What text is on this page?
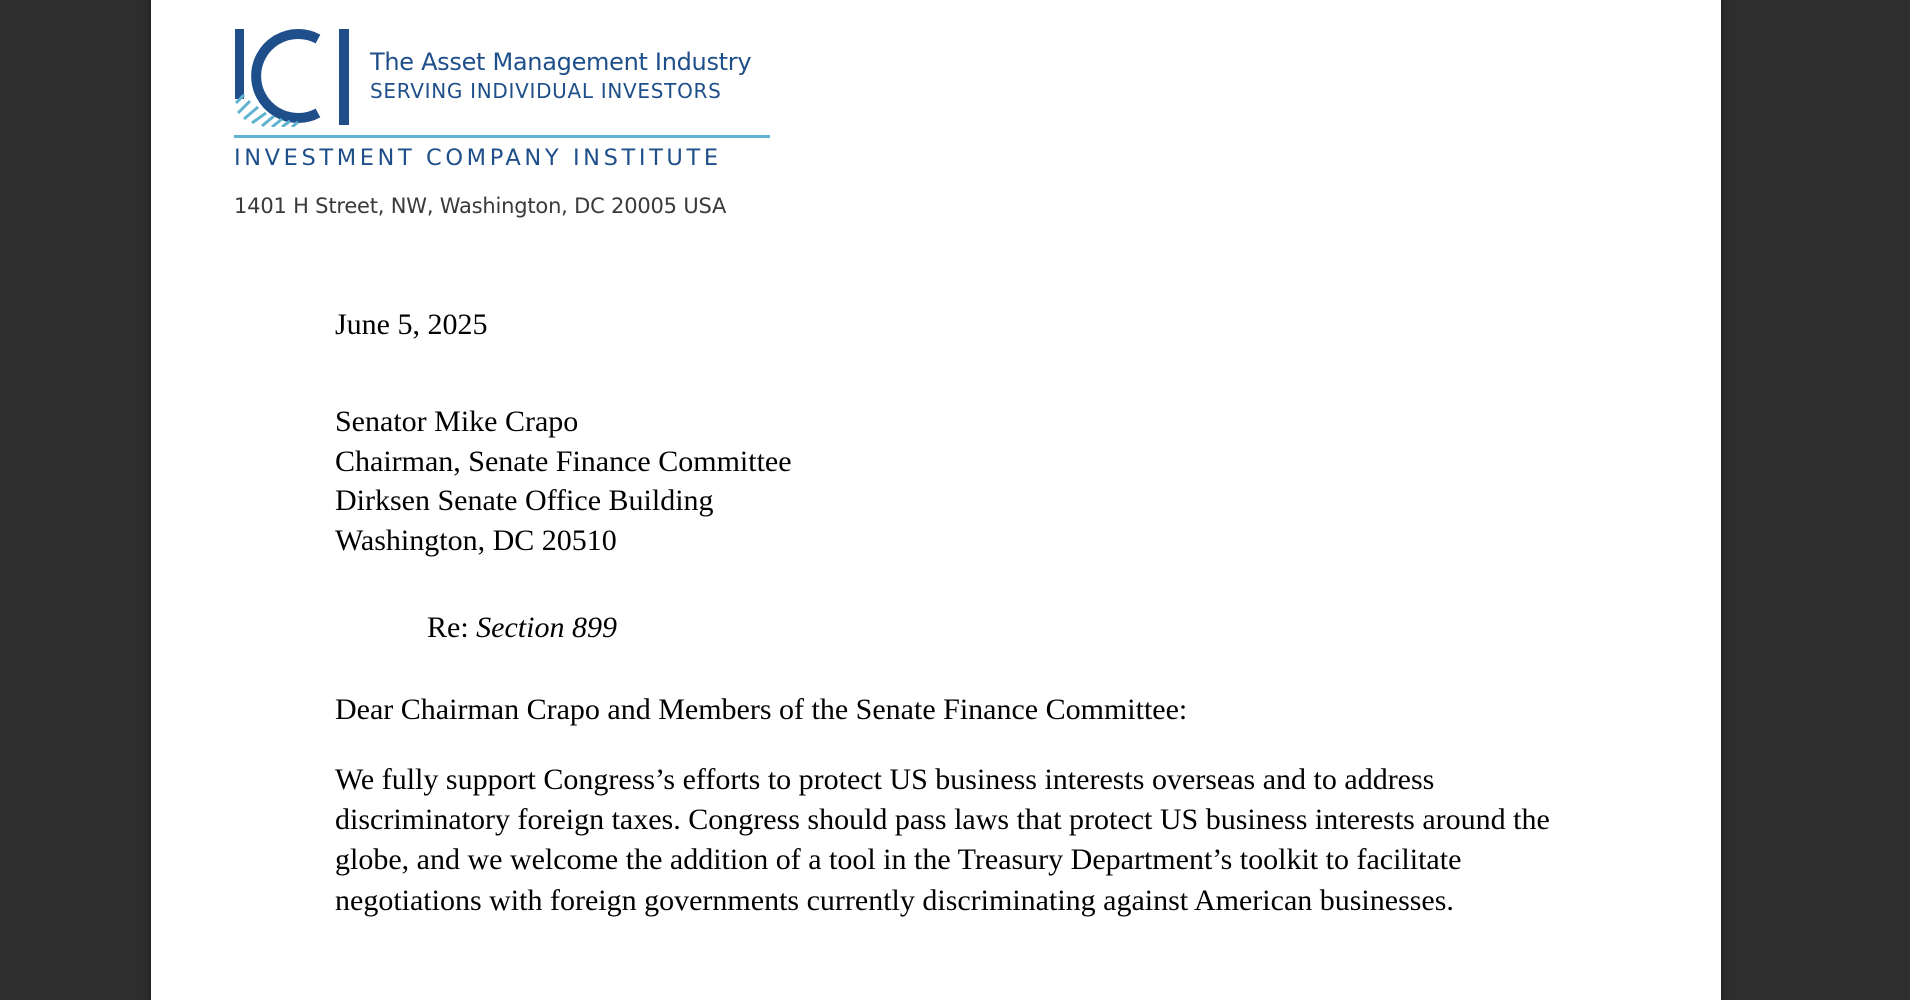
The Asset Management Industry
SERVING INDIVIDUAL INVESTORS
INVESTMENT COMPANY INSTITUTE
1401 H Street, NW, Washington, DC 20005 USA
June 5, 2025
Senator Mike Crapo
Chairman, Senate Finance Committee
Dirksen Senate Office Building
Washington, DC 20510
Re: Section 899
Dear Chairman Crapo and Members of the Senate Finance Committee:
We fully support Congress’s efforts to protect US business interests overseas and to address discriminatory foreign taxes. Congress should pass laws that protect US business interests around the globe, and we welcome the addition of a tool in the Treasury Department’s toolkit to facilitate negotiations with foreign governments currently discriminating against American businesses.
